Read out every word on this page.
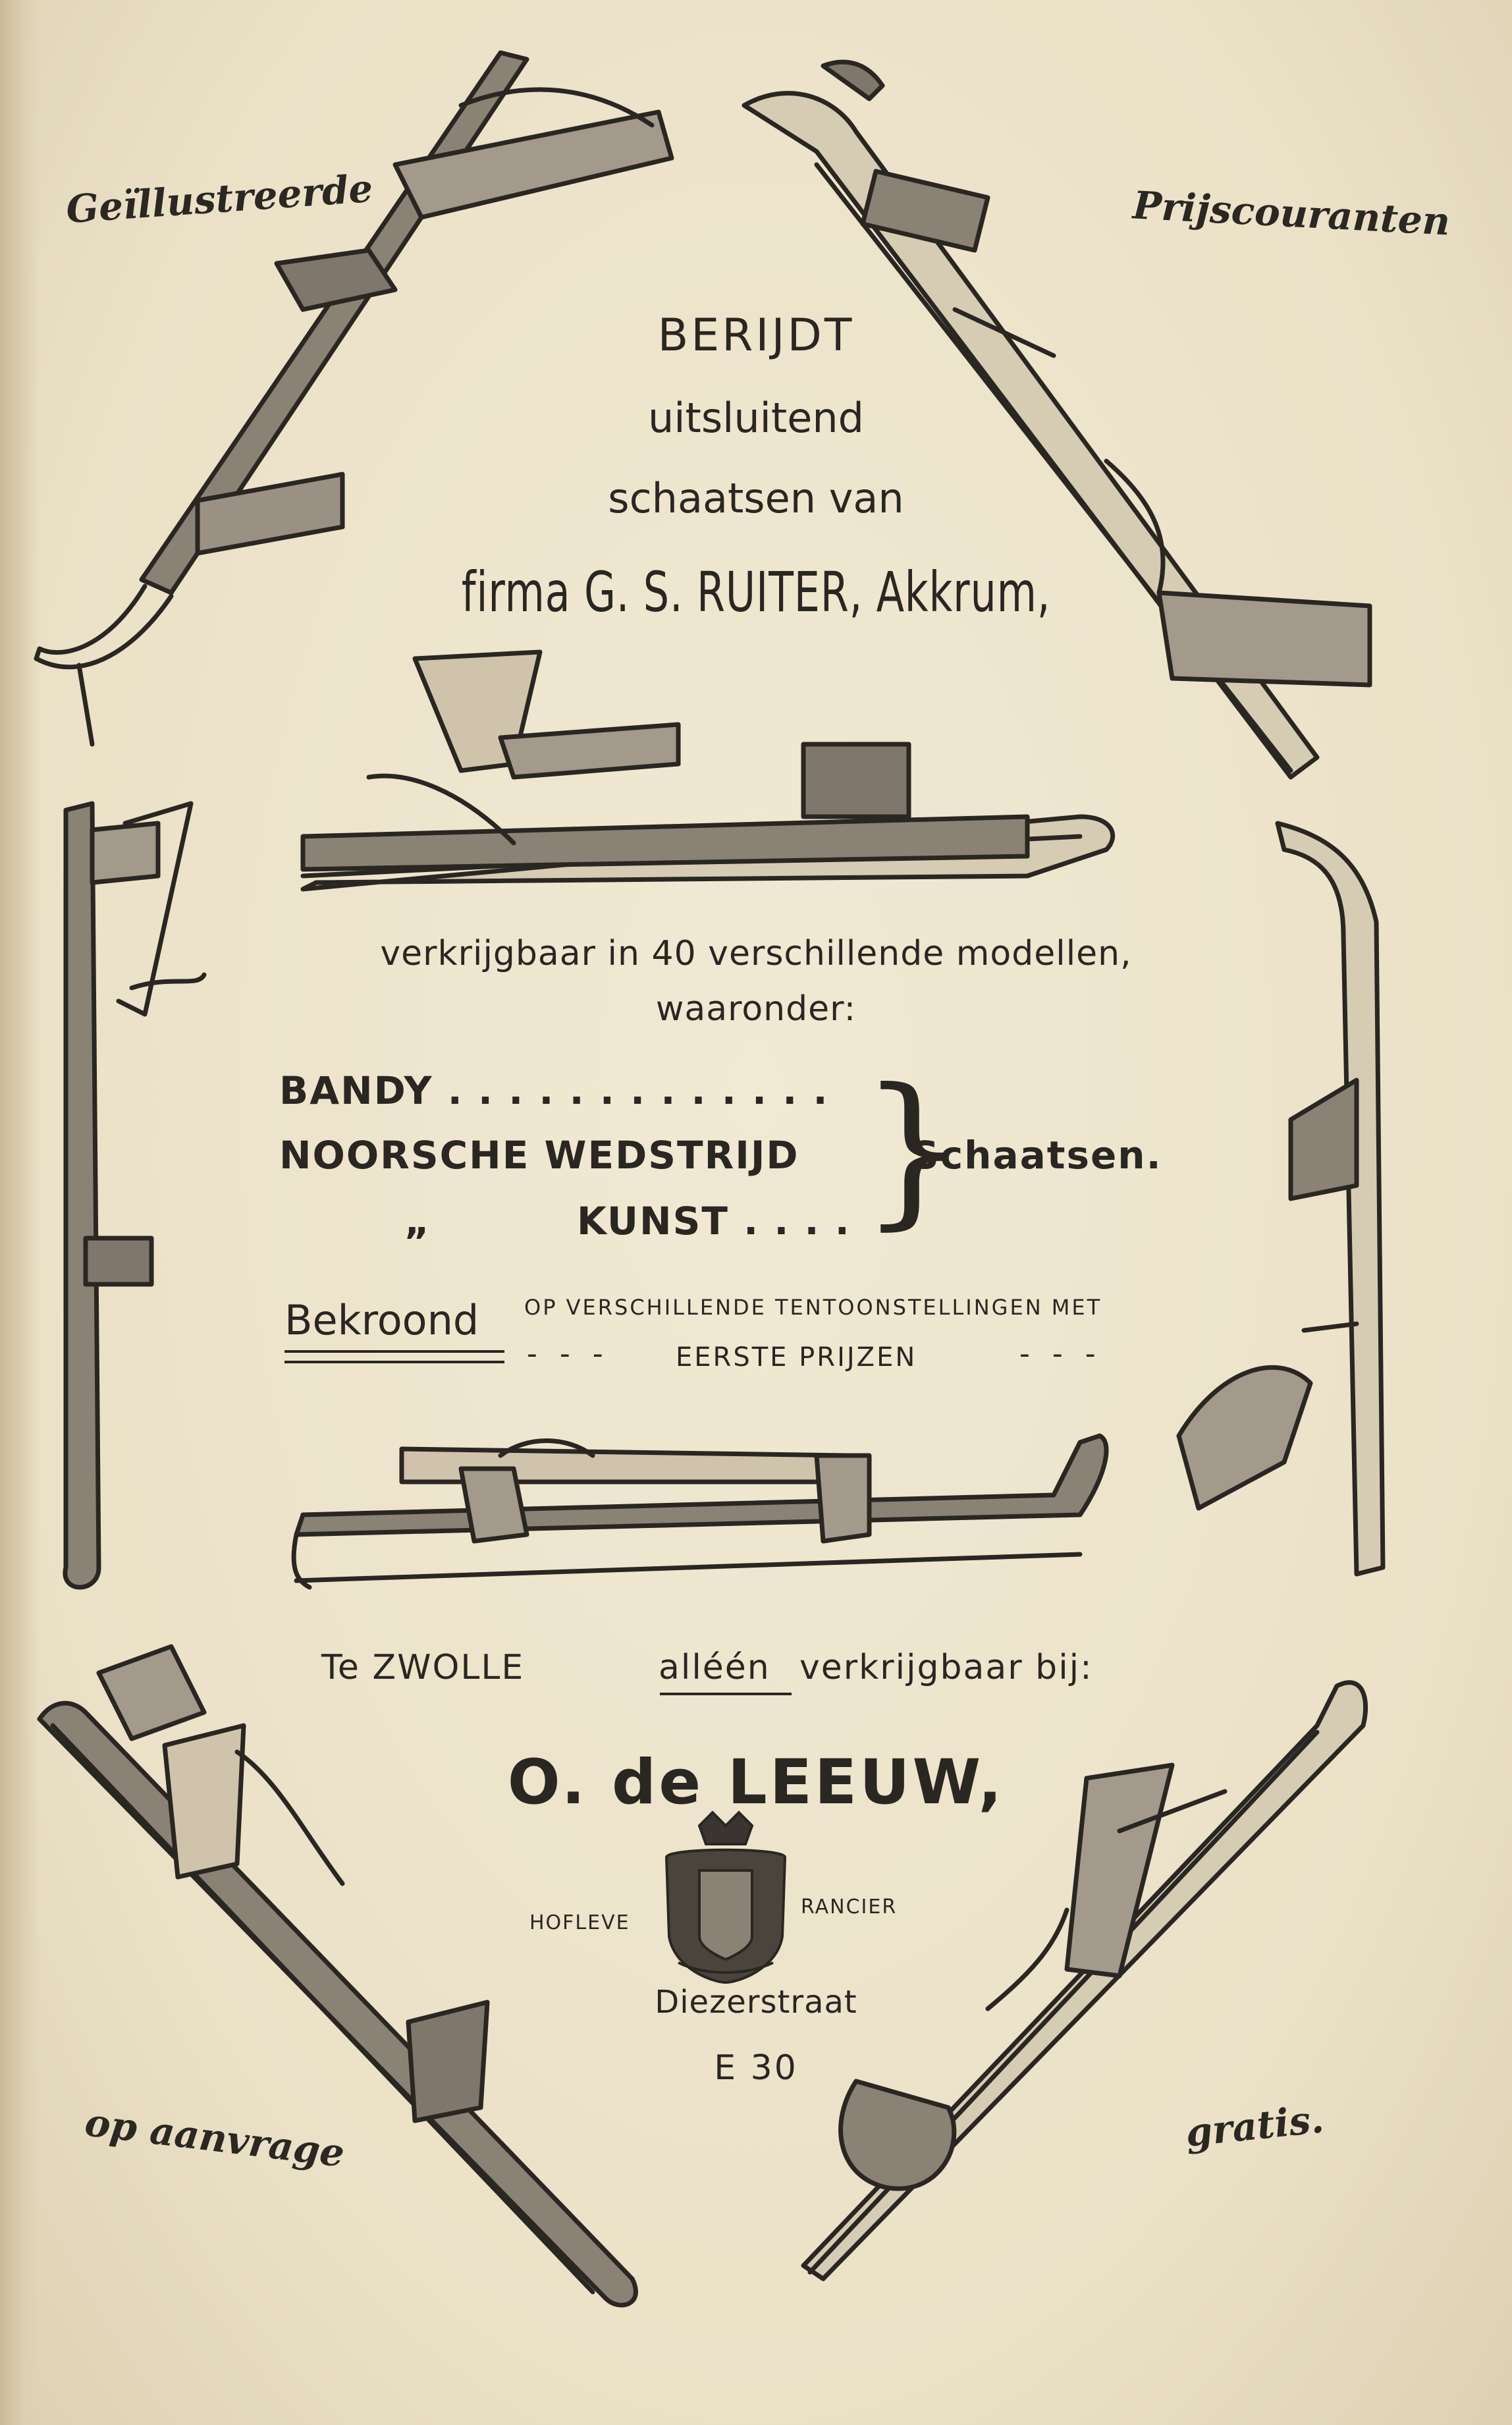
Geïllustreerde	Prijscouranten
op aanvrage	gratis.
BERIJDT
uitsluitend
schaatsen van
firma G. S. RUITER, Akkrum,
verkrijgbaar in 40 verschillende modellen,
waaronder:
BANDY . . . . . . . . . . . . .
NOORSCHE WEDSTRIJD
„	KUNST . . . . }
Schaatsen.
Bekroond OP VERSCHILLENDE TENTOONSTELLINGEN MET
- - -	EERSTE PRIJZEN	- - -
Te ZWOLLE	alléén verkrijgbaar bij:
O. de LEEUW,
HOFLEVE
RANCIER
Diezerstraat
E 30
